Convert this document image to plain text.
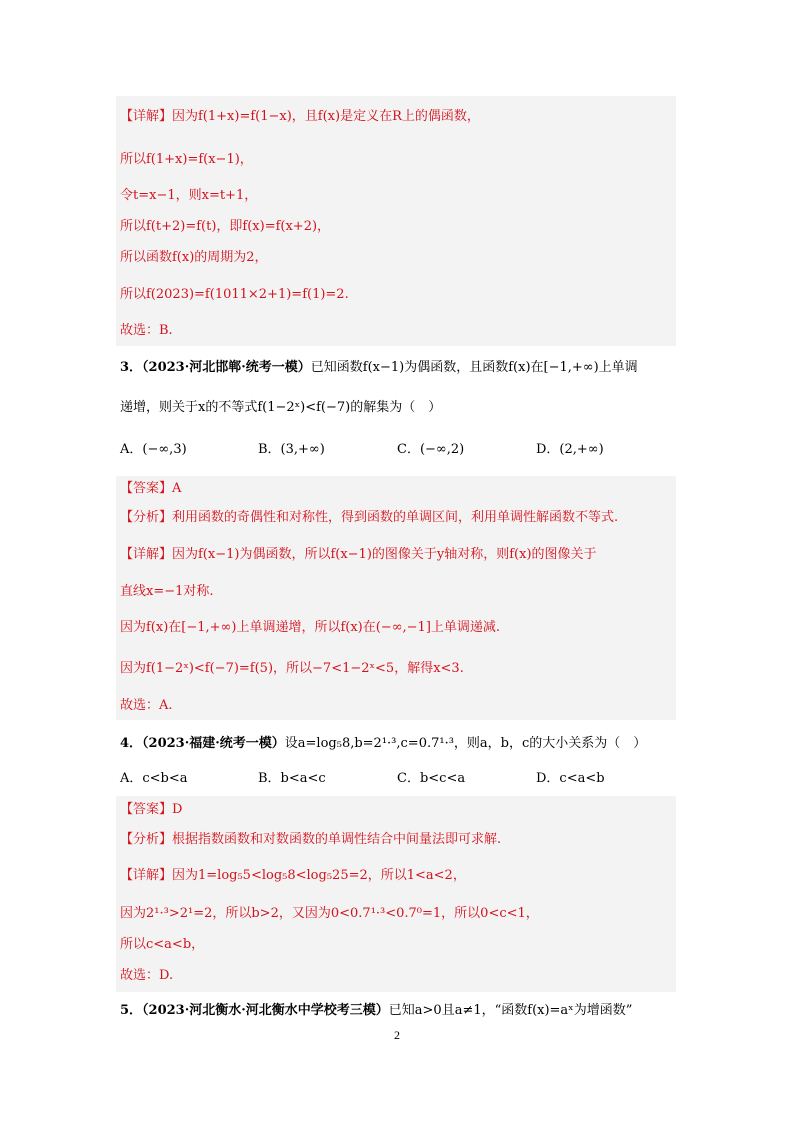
【详解】因为f(1+x)=f(1−x)，且f(x)是定义在R上的偶函数，
所以f(1+x)=f(x−1)，
令t=x−1，则x=t+1，
所以f(t+2)=f(t)，即f(x)=f(x+2)，
所以函数f(x)的周期为2，
所以f(2023)=f(1011×2+1)=f(1)=2.
故选：B.
3．（2023·河北邯郸·统考一模）已知函数f(x−1)为偶函数，且函数f(x)在[−1,+∞)上单调
递增，则关于x的不等式f(1−2ˣ)<f(−7)的解集为（　）
A．(−∞,3)	B．(3,+∞)	C．(−∞,2)	D．(2,+∞)
【答案】A
【分析】利用函数的奇偶性和对称性，得到函数的单调区间，利用单调性解函数不等式.
【详解】因为f(x−1)为偶函数，所以f(x−1)的图像关于y轴对称，则f(x)的图像关于
直线x=−1对称.
因为f(x)在[−1,+∞)上单调递增，所以f(x)在(−∞,−1]上单调递减.
因为f(1−2ˣ)<f(−7)=f(5)，所以−7<1−2ˣ<5，解得x<3.
故选：A.
4．（2023·福建·统考一模）设a=log₅8,b=2¹·³,c=0.7¹·³，则a，b，c的大小关系为（　）
A．c<b<a	B．b<a<c	C．b<c<a	D．c<a<b
【答案】D
【分析】根据指数函数和对数函数的单调性结合中间量法即可求解.
【详解】因为1=log₅5<log₅8<log₅25=2，所以1<a<2，
因为2¹·³>2¹=2，所以b>2，又因为0<0.7¹·³<0.7⁰=1，所以0<c<1，
所以c<a<b，
故选：D.
5．（2023·河北衡水·河北衡水中学校考三模）已知a>0且a≠1，“函数f(x)=aˣ为增函数”
2
